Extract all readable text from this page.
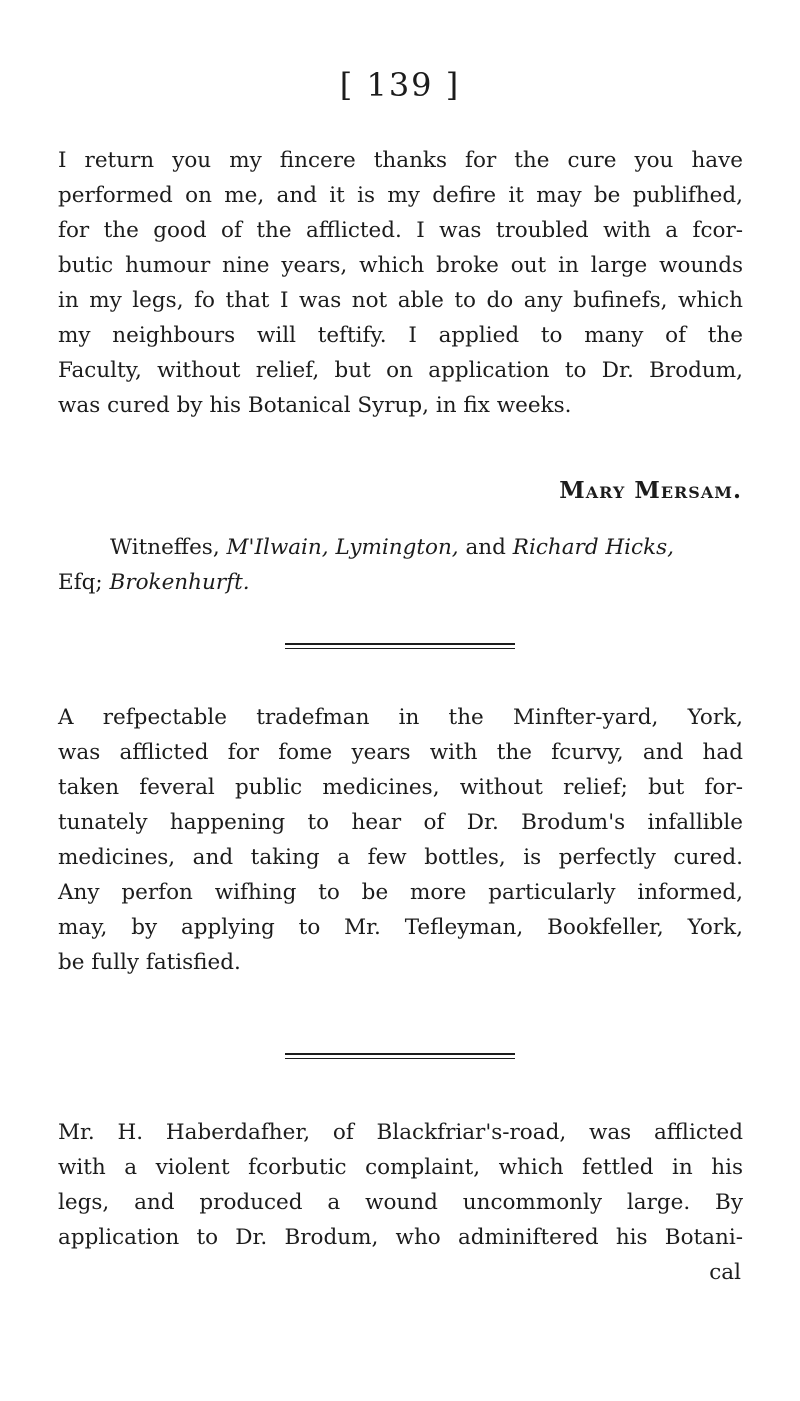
[ 139 ]
I return you my fincere thanks for the cure you have
performed on me, and it is my defire it may be publifhed,
for the good of the afflicted. I was troubled with a fcor-
butic humour nine years, which broke out in large wounds
in my legs, fo that I was not able to do any bufinefs, which
my neighbours will teftify. I applied to many of the
Faculty, without relief, but on application to Dr. Brodum,
was cured by his Botanical Syrup, in fix weeks.
Mary Mersam.
Witneffes, M'Ilwain, Lymington, and Richard Hicks,
Efq; Brokenhurft.
A refpectable tradefman in the Minfter-yard, York,
was afflicted for fome years with the fcurvy, and had
taken feveral public medicines, without relief; but for-
tunately happening to hear of Dr. Brodum's infallible
medicines, and taking a few bottles, is perfectly cured.
Any perfon wifhing to be more particularly informed,
may, by applying to Mr. Tefleyman, Bookfeller, York,
be fully fatisfied.
Mr. H. Haberdafher, of Blackfriar's-road, was afflicted
with a violent fcorbutic complaint, which fettled in his
legs, and produced a wound uncommonly large. By
application to Dr. Brodum, who adminiftered his Botani-
cal
